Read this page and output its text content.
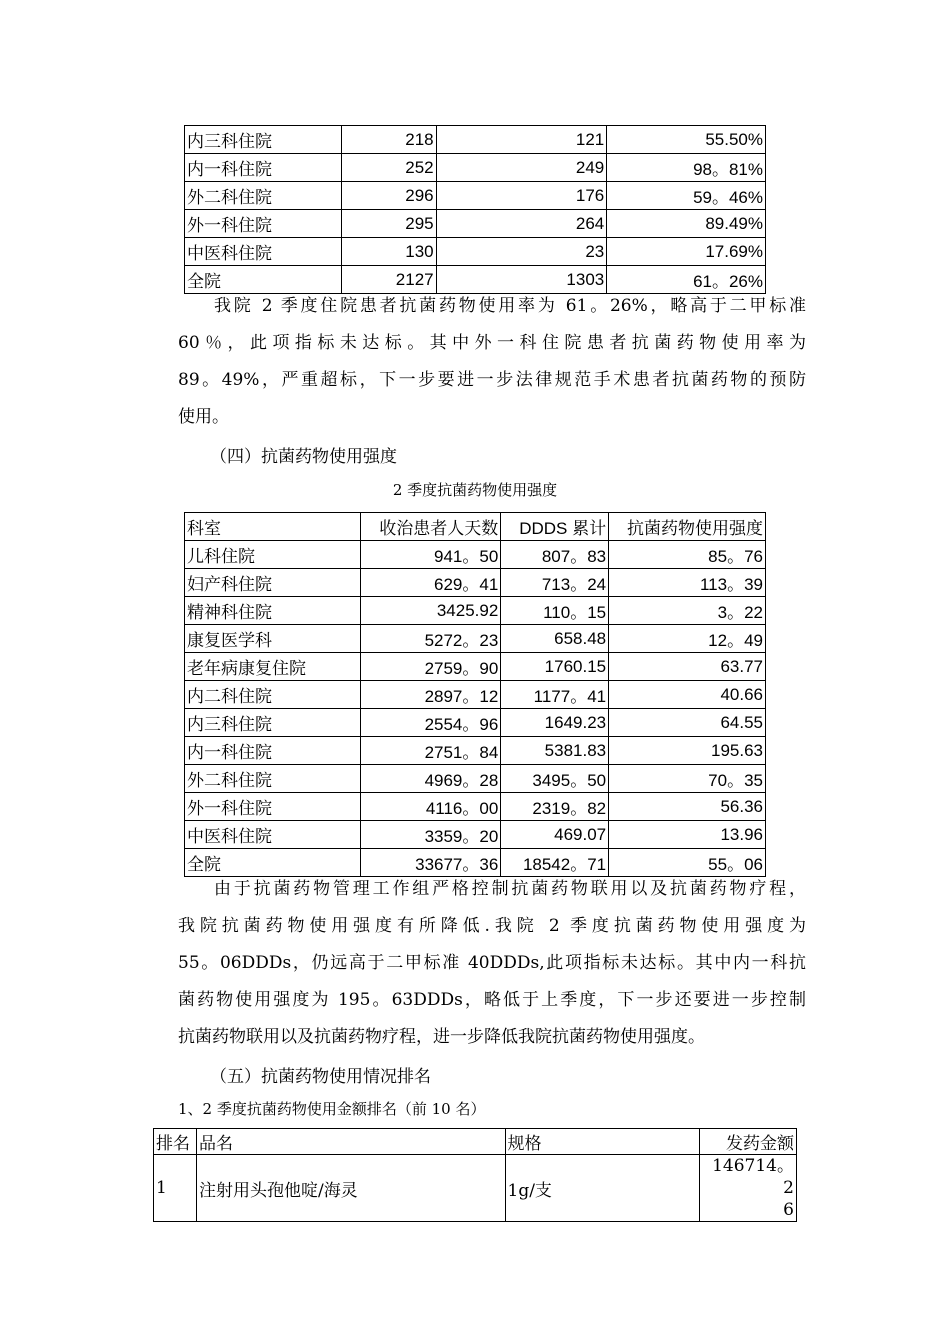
内三科住院	218	121	55.50%
内一科住院	252	249	98。81%
外二科住院	296	176	59。46%
外一科住院	295	264	89.49%
中医科住院	130	23	17.69%
全院	2127	1303	61。26%
我院 2 季度住院患者抗菌药物使用率为 61。26%，略高于二甲标准
60％，此项指标未达标。其中外一科住院患者抗菌药物使用率为
89。49%，严重超标，下一步要进一步法律规范手术患者抗菌药物的预防
使用。
（四）抗菌药物使用强度
2 季度抗菌药物使用强度
科室	收治患者人天数	DDDS 累计	抗菌药物使用强度
儿科住院	941。50	807。83	85。76
妇产科住院	629。41	713。24	113。39
精神科住院	3425.92	110。15	3。22
康复医学科	5272。23	658.48	12。49
老年病康复住院	2759。90	1760.15	63.77
内二科住院	2897。12	1177。41	40.66
内三科住院	2554。96	1649.23	64.55
内一科住院	2751。84	5381.83	195.63
外二科住院	4969。28	3495。50	70。35
外一科住院	4116。00	2319。82	56.36
中医科住院	3359。20	469.07	13.96
全院	33677。36	18542。71	55。06
由于抗菌药物管理工作组严格控制抗菌药物联用以及抗菌药物疗程，
我院抗菌药物使用强度有所降低.我院 2 季度抗菌药物使用强度为
55。06DDDs，仍远高于二甲标准 40DDDs,此项指标未达标。其中内一科抗
菌药物使用强度为 195。63DDDs，略低于上季度，下一步还要进一步控制
抗菌药物联用以及抗菌药物疗程，进一步降低我院抗菌药物使用强度。
（五）抗菌药物使用情况排名
1、2 季度抗菌药物使用金额排名（前 10 名）
排名	品名	规格	发药金额
1	注射用头孢他啶/海灵	1g/支	146714。2
6
